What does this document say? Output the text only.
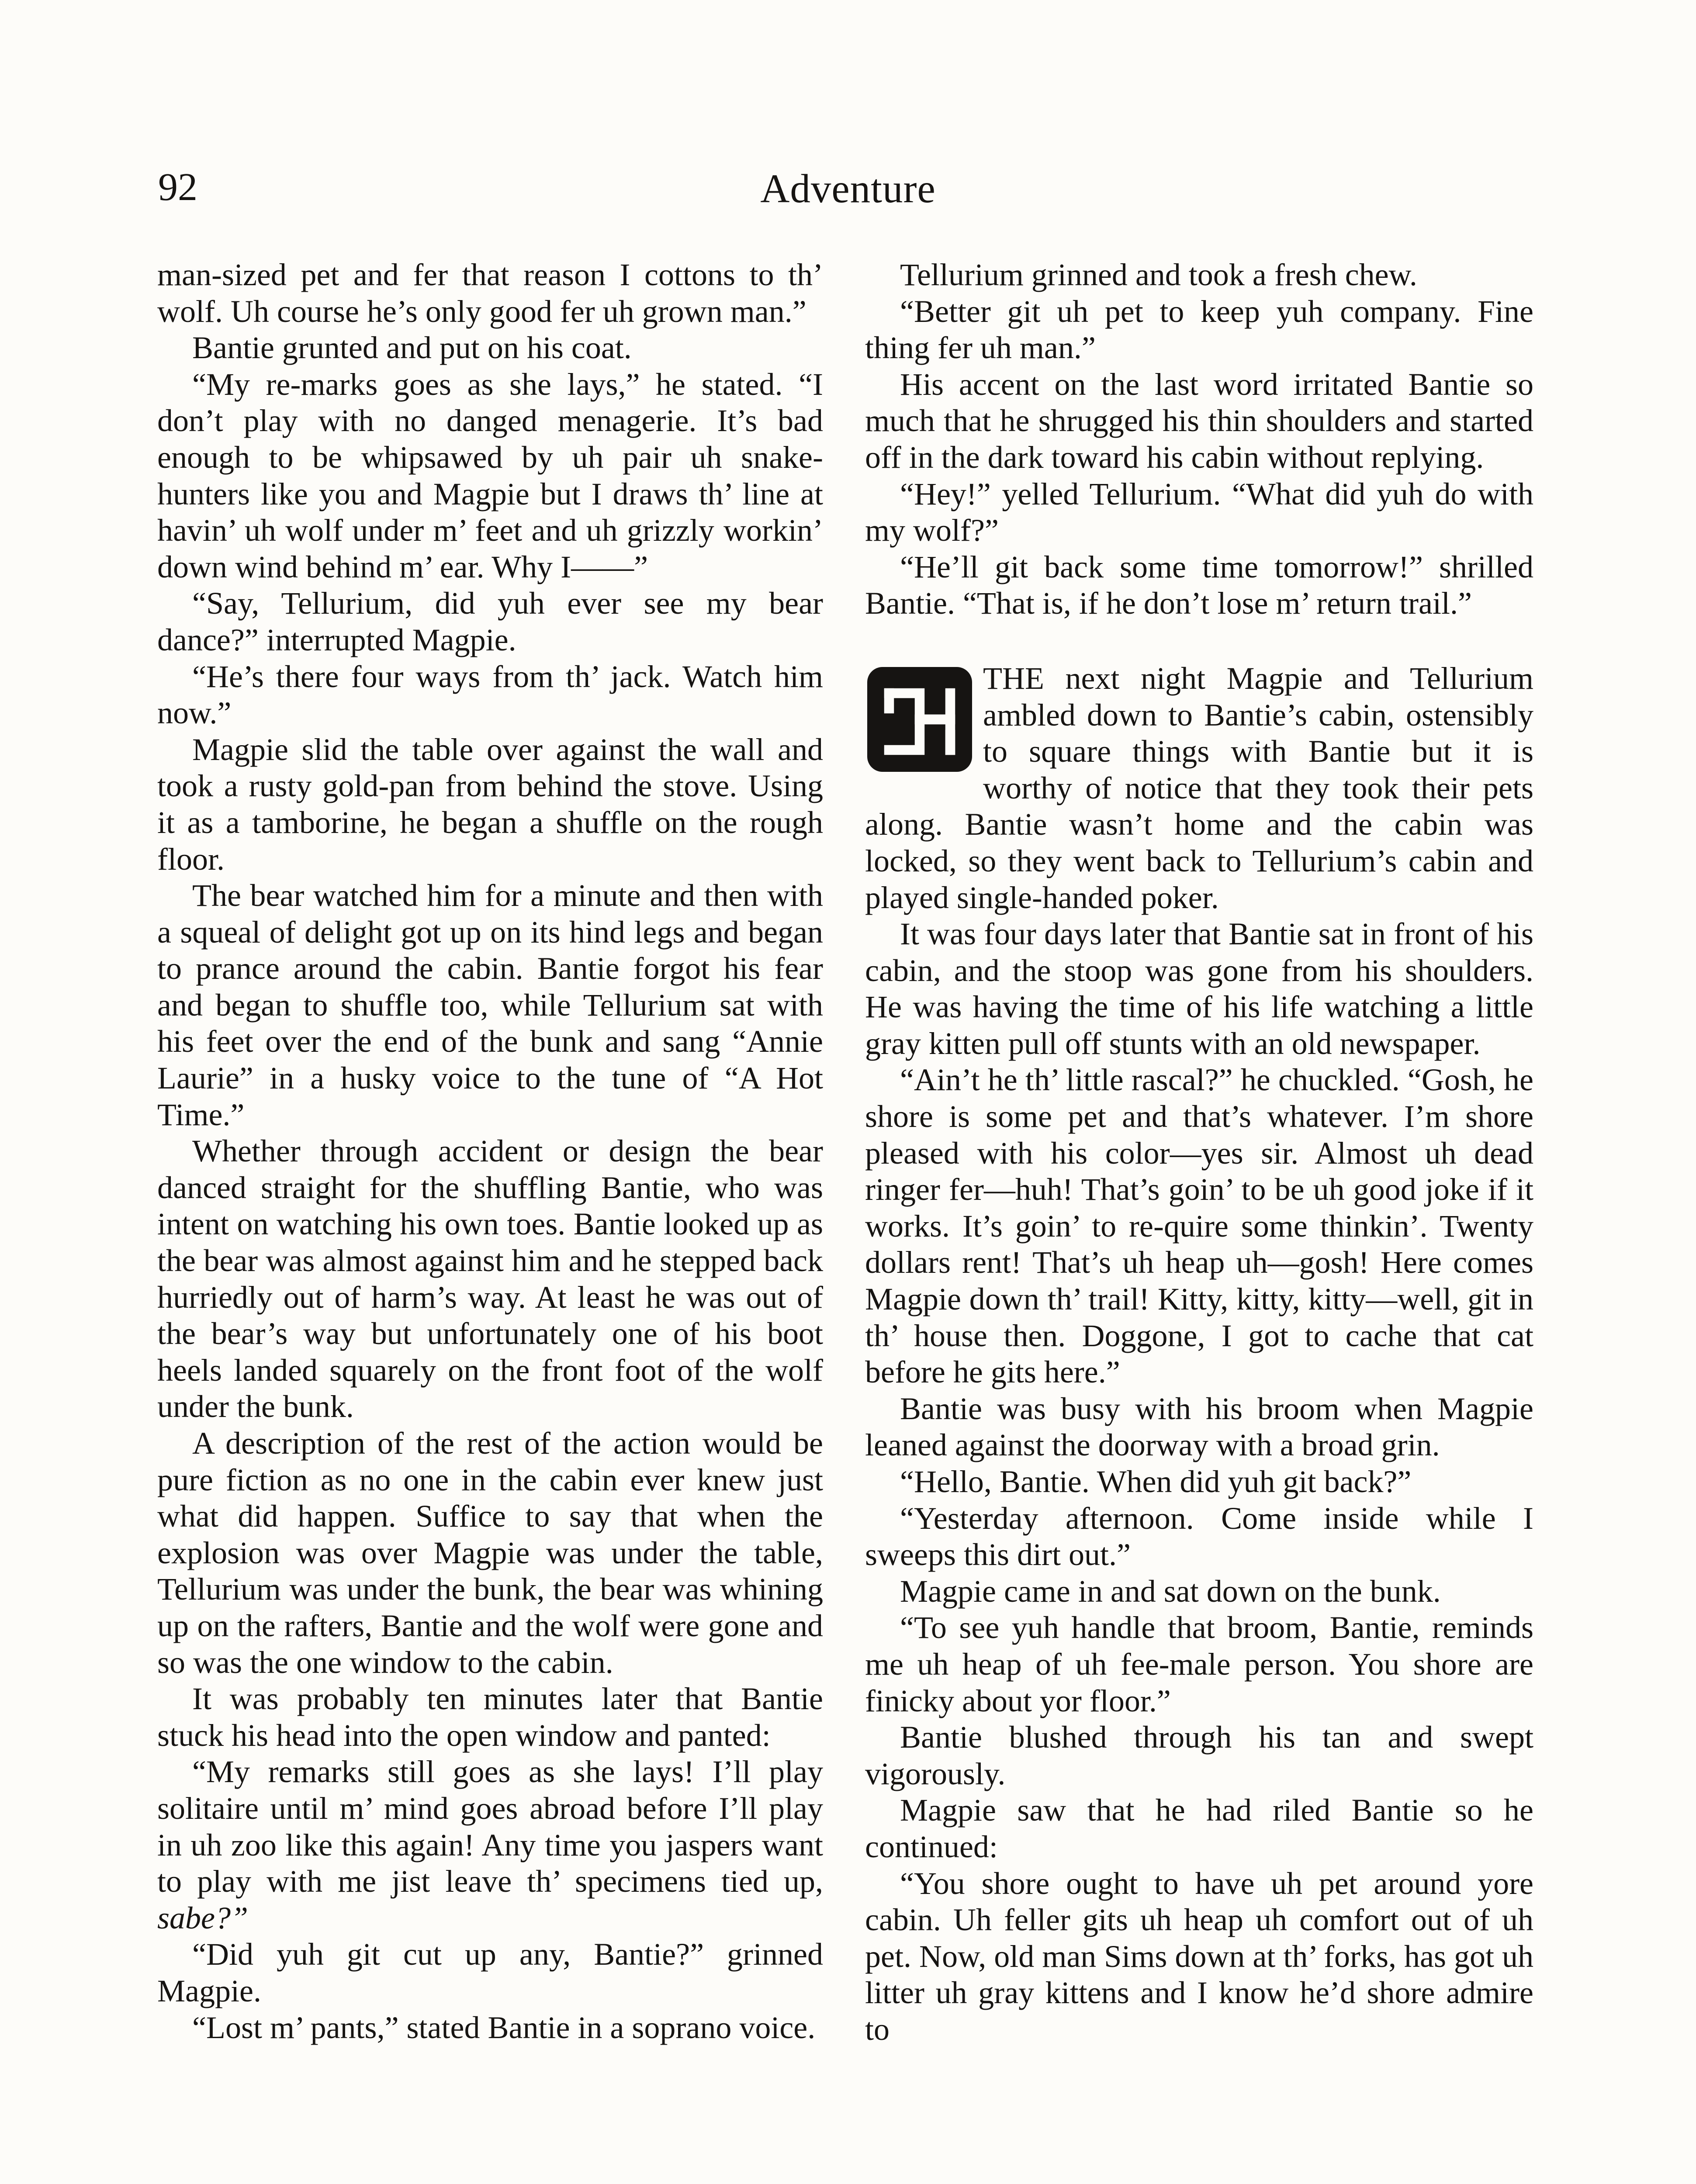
92	Adventure

man-sized pet and fer that reason I cottons to th’ wolf. Uh course he’s only good fer uh grown man.”

Bantie grunted and put on his coat.

“My re-marks goes as she lays,” he stated. “I don’t play with no danged menagerie. It’s bad enough to be whipsawed by uh pair uh snake-hunters like you and Magpie but I draws th’ line at havin’ uh wolf under m’ feet and uh grizzly workin’ down wind behind m’ ear. Why I——”

“Say, Tellurium, did yuh ever see my bear dance?” interrupted Magpie.

“He’s there four ways from th’ jack. Watch him now.”

Magpie slid the table over against the wall and took a rusty gold-pan from behind the stove. Using it as a tamborine, he began a shuffle on the rough floor.

The bear watched him for a minute and then with a squeal of delight got up on its hind legs and began to prance around the cabin. Bantie forgot his fear and began to shuffle too, while Tellurium sat with his feet over the end of the bunk and sang “Annie Laurie” in a husky voice to the tune of “A Hot Time.”

Whether through accident or design the bear danced straight for the shuffling Bantie, who was intent on watching his own toes. Bantie looked up as the bear was almost against him and he stepped back hurriedly out of harm’s way. At least he was out of the bear’s way but unfortunately one of his boot heels landed squarely on the front foot of the wolf under the bunk.

A description of the rest of the action would be pure fiction as no one in the cabin ever knew just what did happen. Suffice to say that when the explosion was over Magpie was under the table, Tellurium was under the bunk, the bear was whining up on the rafters, Bantie and the wolf were gone and so was the one window to the cabin.

It was probably ten minutes later that Bantie stuck his head into the open window and panted:

“My remarks still goes as she lays! I’ll play solitaire until m’ mind goes abroad before I’ll play in uh zoo like this again! Any time you jaspers want to play with me jist leave th’ specimens tied up, sabe?”

“Did yuh git cut up any, Bantie?” grinned Magpie.

“Lost m’ pants,” stated Bantie in a soprano voice.

Tellurium grinned and took a fresh chew.

“Better git uh pet to keep yuh company. Fine thing fer uh man.”

His accent on the last word irritated Bantie so much that he shrugged his thin shoulders and started off in the dark toward his cabin without replying.

“Hey!” yelled Tellurium. “What did yuh do with my wolf?”

“He’ll git back some time tomorrow!” shrilled Bantie. “That is, if he don’t lose m’ return trail.”

THE next night Magpie and Tellurium ambled down to Bantie’s cabin, ostensibly to square things with Bantie but it is worthy of notice that they took their pets along. Bantie wasn’t home and the cabin was locked, so they went back to Tellurium’s cabin and played single-handed poker.

It was four days later that Bantie sat in front of his cabin, and the stoop was gone from his shoulders. He was having the time of his life watching a little gray kitten pull off stunts with an old newspaper.

“Ain’t he th’ little rascal?” he chuckled. “Gosh, he shore is some pet and that’s whatever. I’m shore pleased with his color—yes sir. Almost uh dead ringer fer—huh! That’s goin’ to be uh good joke if it works. It’s goin’ to re-quire some thinkin’. Twenty dollars rent! That’s uh heap uh—gosh! Here comes Magpie down th’ trail! Kitty, kitty, kitty—well, git in th’ house then. Doggone, I got to cache that cat before he gits here.”

Bantie was busy with his broom when Magpie leaned against the doorway with a broad grin.

“Hello, Bantie. When did yuh git back?”

“Yesterday afternoon. Come inside while I sweeps this dirt out.”

Magpie came in and sat down on the bunk.

“To see yuh handle that broom, Bantie, reminds me uh heap of uh fee-male person. You shore are finicky about yor floor.”

Bantie blushed through his tan and swept vigorously.

Magpie saw that he had riled Bantie so he continued:

“You shore ought to have uh pet around yore cabin. Uh feller gits uh heap uh comfort out of uh pet. Now, old man Sims down at th’ forks, has got uh litter uh gray kittens and I know he’d shore admire to
